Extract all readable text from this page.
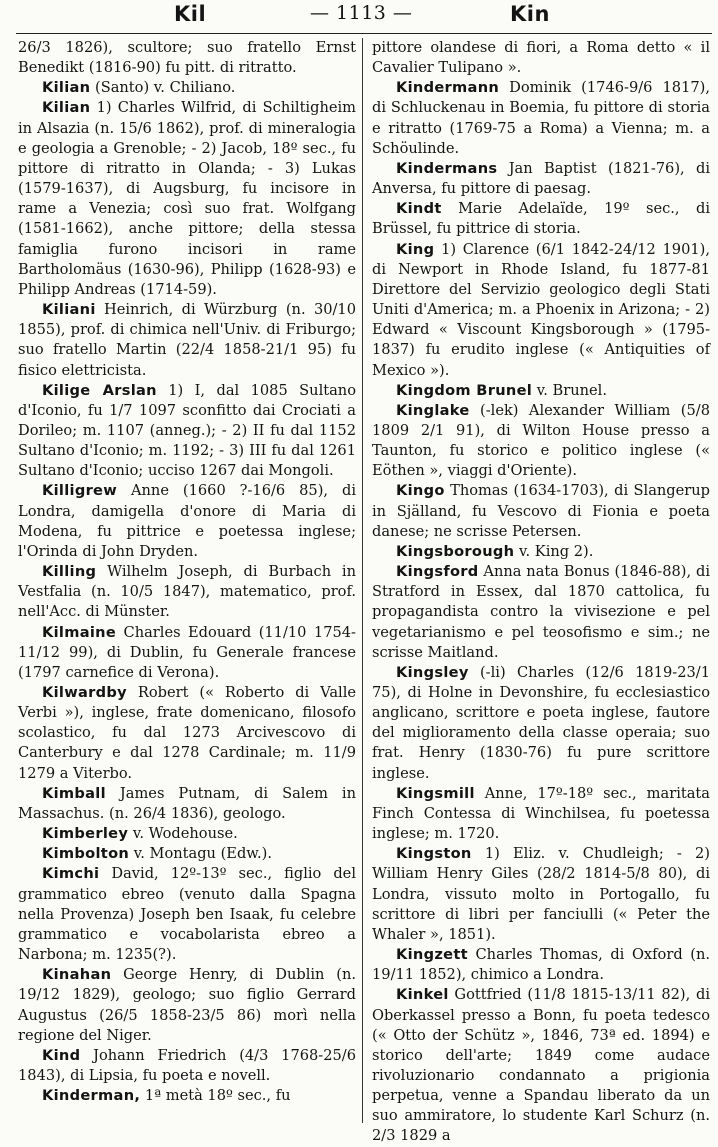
Kil	— 1113 —	Kin

26/3 1826), scultore; suo fratello Ernst Benedikt (1816-90) fu pitt. di ritratto.

Kilian (Santo) v. Chiliano.

Kilian 1) Charles Wilfrid, di Schiltigheim in Alsazia (n. 15/6 1862), prof. di mineralogia e geologia a Grenoble; - 2) Jacob, 18º sec., fu pittore di ritratto in Olanda; - 3) Lukas (1579-1637), di Augsburg, fu incisore in rame a Venezia; così suo frat. Wolfgang (1581-1662), anche pittore; della stessa famiglia furono incisori in rame Bartholomäus (1630-96), Philipp (1628-93) e Philipp Andreas (1714-59).

Kiliani Heinrich, di Würzburg (n. 30/10 1855), prof. di chimica nell'Univ. di Friburgo; suo fratello Martin (22/4 1858-21/1 95) fu fisico elettricista.

Kilige Arslan 1) I, dal 1085 Sultano d'Iconio, fu 1/7 1097 sconfitto dai Crociati a Dorileo; m. 1107 (anneg.); - 2) II fu dal 1152 Sultano d'Iconio; m. 1192; - 3) III fu dal 1261 Sultano d'Iconio; ucciso 1267 dai Mongoli.

Killigrew Anne (1660 ?-16/6 85), di Londra, damigella d'onore di Maria di Modena, fu pittrice e poetessa inglese; l'Orinda di John Dryden.

Killing Wilhelm Joseph, di Burbach in Vestfalia (n. 10/5 1847), matematico, prof. nell'Acc. di Münster.

Kilmaine Charles Edouard (11/10 1754-11/12 99), di Dublin, fu Generale francese (1797 carnefice di Verona).

Kilwardby Robert (« Roberto di Valle Verbi »), inglese, frate domenicano, filosofo scolastico, fu dal 1273 Arcivescovo di Canterbury e dal 1278 Cardinale; m. 11/9 1279 a Viterbo.

Kimball James Putnam, di Salem in Massachus. (n. 26/4 1836), geologo.

Kimberley v. Wodehouse.

Kimbolton v. Montagu (Edw.).

Kimchi David, 12º-13º sec., figlio del grammatico ebreo (venuto dalla Spagna nella Provenza) Joseph ben Isaak, fu celebre grammatico e vocabolarista ebreo a Narbona; m. 1235(?).

Kinahan George Henry, di Dublin (n. 19/12 1829), geologo; suo figlio Gerrard Augustus (26/5 1858-23/5 86) morì nella regione del Niger.

Kind Johann Friedrich (4/3 1768-25/6 1843), di Lipsia, fu poeta e novell.

Kinderman, 1ª metà 18º sec., fu

pittore olandese di fiori, a Roma detto « il Cavalier Tulipano ».

Kindermann Dominik (1746-9/6 1817), di Schluckenau in Boemia, fu pittore di storia e ritratto (1769-75 a Roma) a Vienna; m. a Schöulinde.

Kindermans Jan Baptist (1821-76), di Anversa, fu pittore di paesag.

Kindt Marie Adelaïde, 19º sec., di Brüssel, fu pittrice di storia.

King 1) Clarence (6/1 1842-24/12 1901), di Newport in Rhode Island, fu 1877-81 Direttore del Servizio geologico degli Stati Uniti d'America; m. a Phoenix in Arizona; - 2) Edward « Viscount Kingsborough » (1795-1837) fu erudito inglese (« Antiquities of Mexico »).

Kingdom Brunel v. Brunel.

Kinglake (-lek) Alexander William (5/8 1809 2/1 91), di Wilton House presso a Taunton, fu storico e politico inglese (« Eöthen », viaggi d'Oriente).

Kingo Thomas (1634-1703), di Slangerup in Själland, fu Vescovo di Fionia e poeta danese; ne scrisse Petersen.

Kingsborough v. King 2).

Kingsford Anna nata Bonus (1846-88), di Stratford in Essex, dal 1870 cattolica, fu propagandista contro la vivisezione e pel vegetarianismo e pel teosofismo e sim.; ne scrisse Maitland.

Kingsley (-li) Charles (12/6 1819-23/1 75), di Holne in Devonshire, fu ecclesiastico anglicano, scrittore e poeta inglese, fautore del miglioramento della classe operaia; suo frat. Henry (1830-76) fu pure scrittore inglese.

Kingsmill Anne, 17º-18º sec., maritata Finch Contessa di Winchilsea, fu poetessa inglese; m. 1720.

Kingston 1) Eliz. v. Chudleigh; - 2) William Henry Giles (28/2 1814-5/8 80), di Londra, vissuto molto in Portogallo, fu scrittore di libri per fanciulli (« Peter the Whaler », 1851).

Kingzett Charles Thomas, di Oxford (n. 19/11 1852), chimico a Londra.

Kinkel Gottfried (11/8 1815-13/11 82), di Oberkassel presso a Bonn, fu poeta tedesco (« Otto der Schütz », 1846, 73ª ed. 1894) e storico dell'arte; 1849 come audace rivoluzionario condannato a prigionia perpetua, venne a Spandau liberato da un suo ammiratore, lo studente Karl Schurz (n. 2/3 1829 a
